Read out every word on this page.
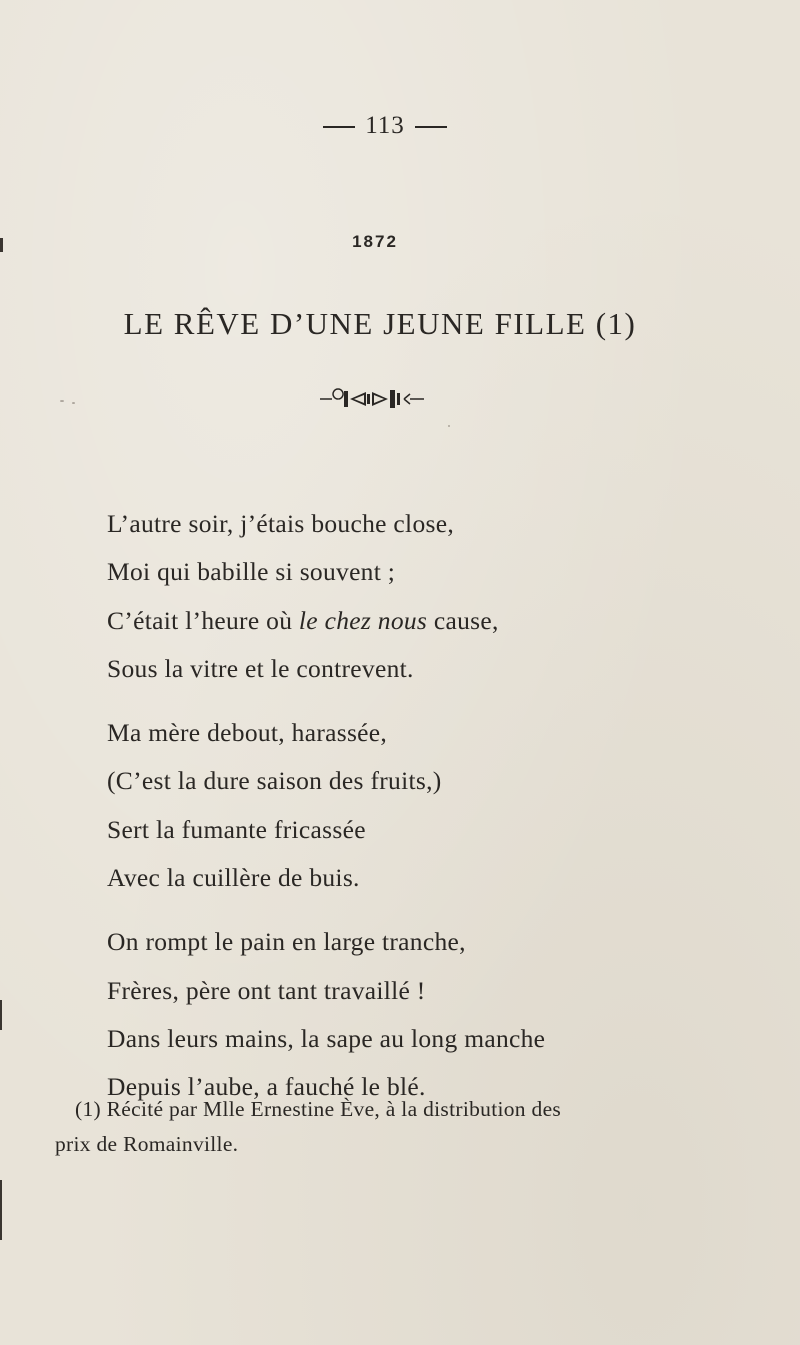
113
1872
LE RÊVE D’UNE JEUNE FILLE (1)
L’autre soir, j’étais bouche close,
Moi qui babille si souvent ;
C’était l’heure où le chez nous cause,
Sous la vitre et le contrevent.
Ma mère debout, harassée,
(C’est la dure saison des fruits,)
Sert la fumante fricassée
Avec la cuillère de buis.
On rompt le pain en large tranche,
Frères, père ont tant travaillé !
Dans leurs mains, la sape au long manche
Depuis l’aube, a fauché le blé.
(1) Récité par Mlle Ernestine Ève, à la distribution des
prix de Romainville.
